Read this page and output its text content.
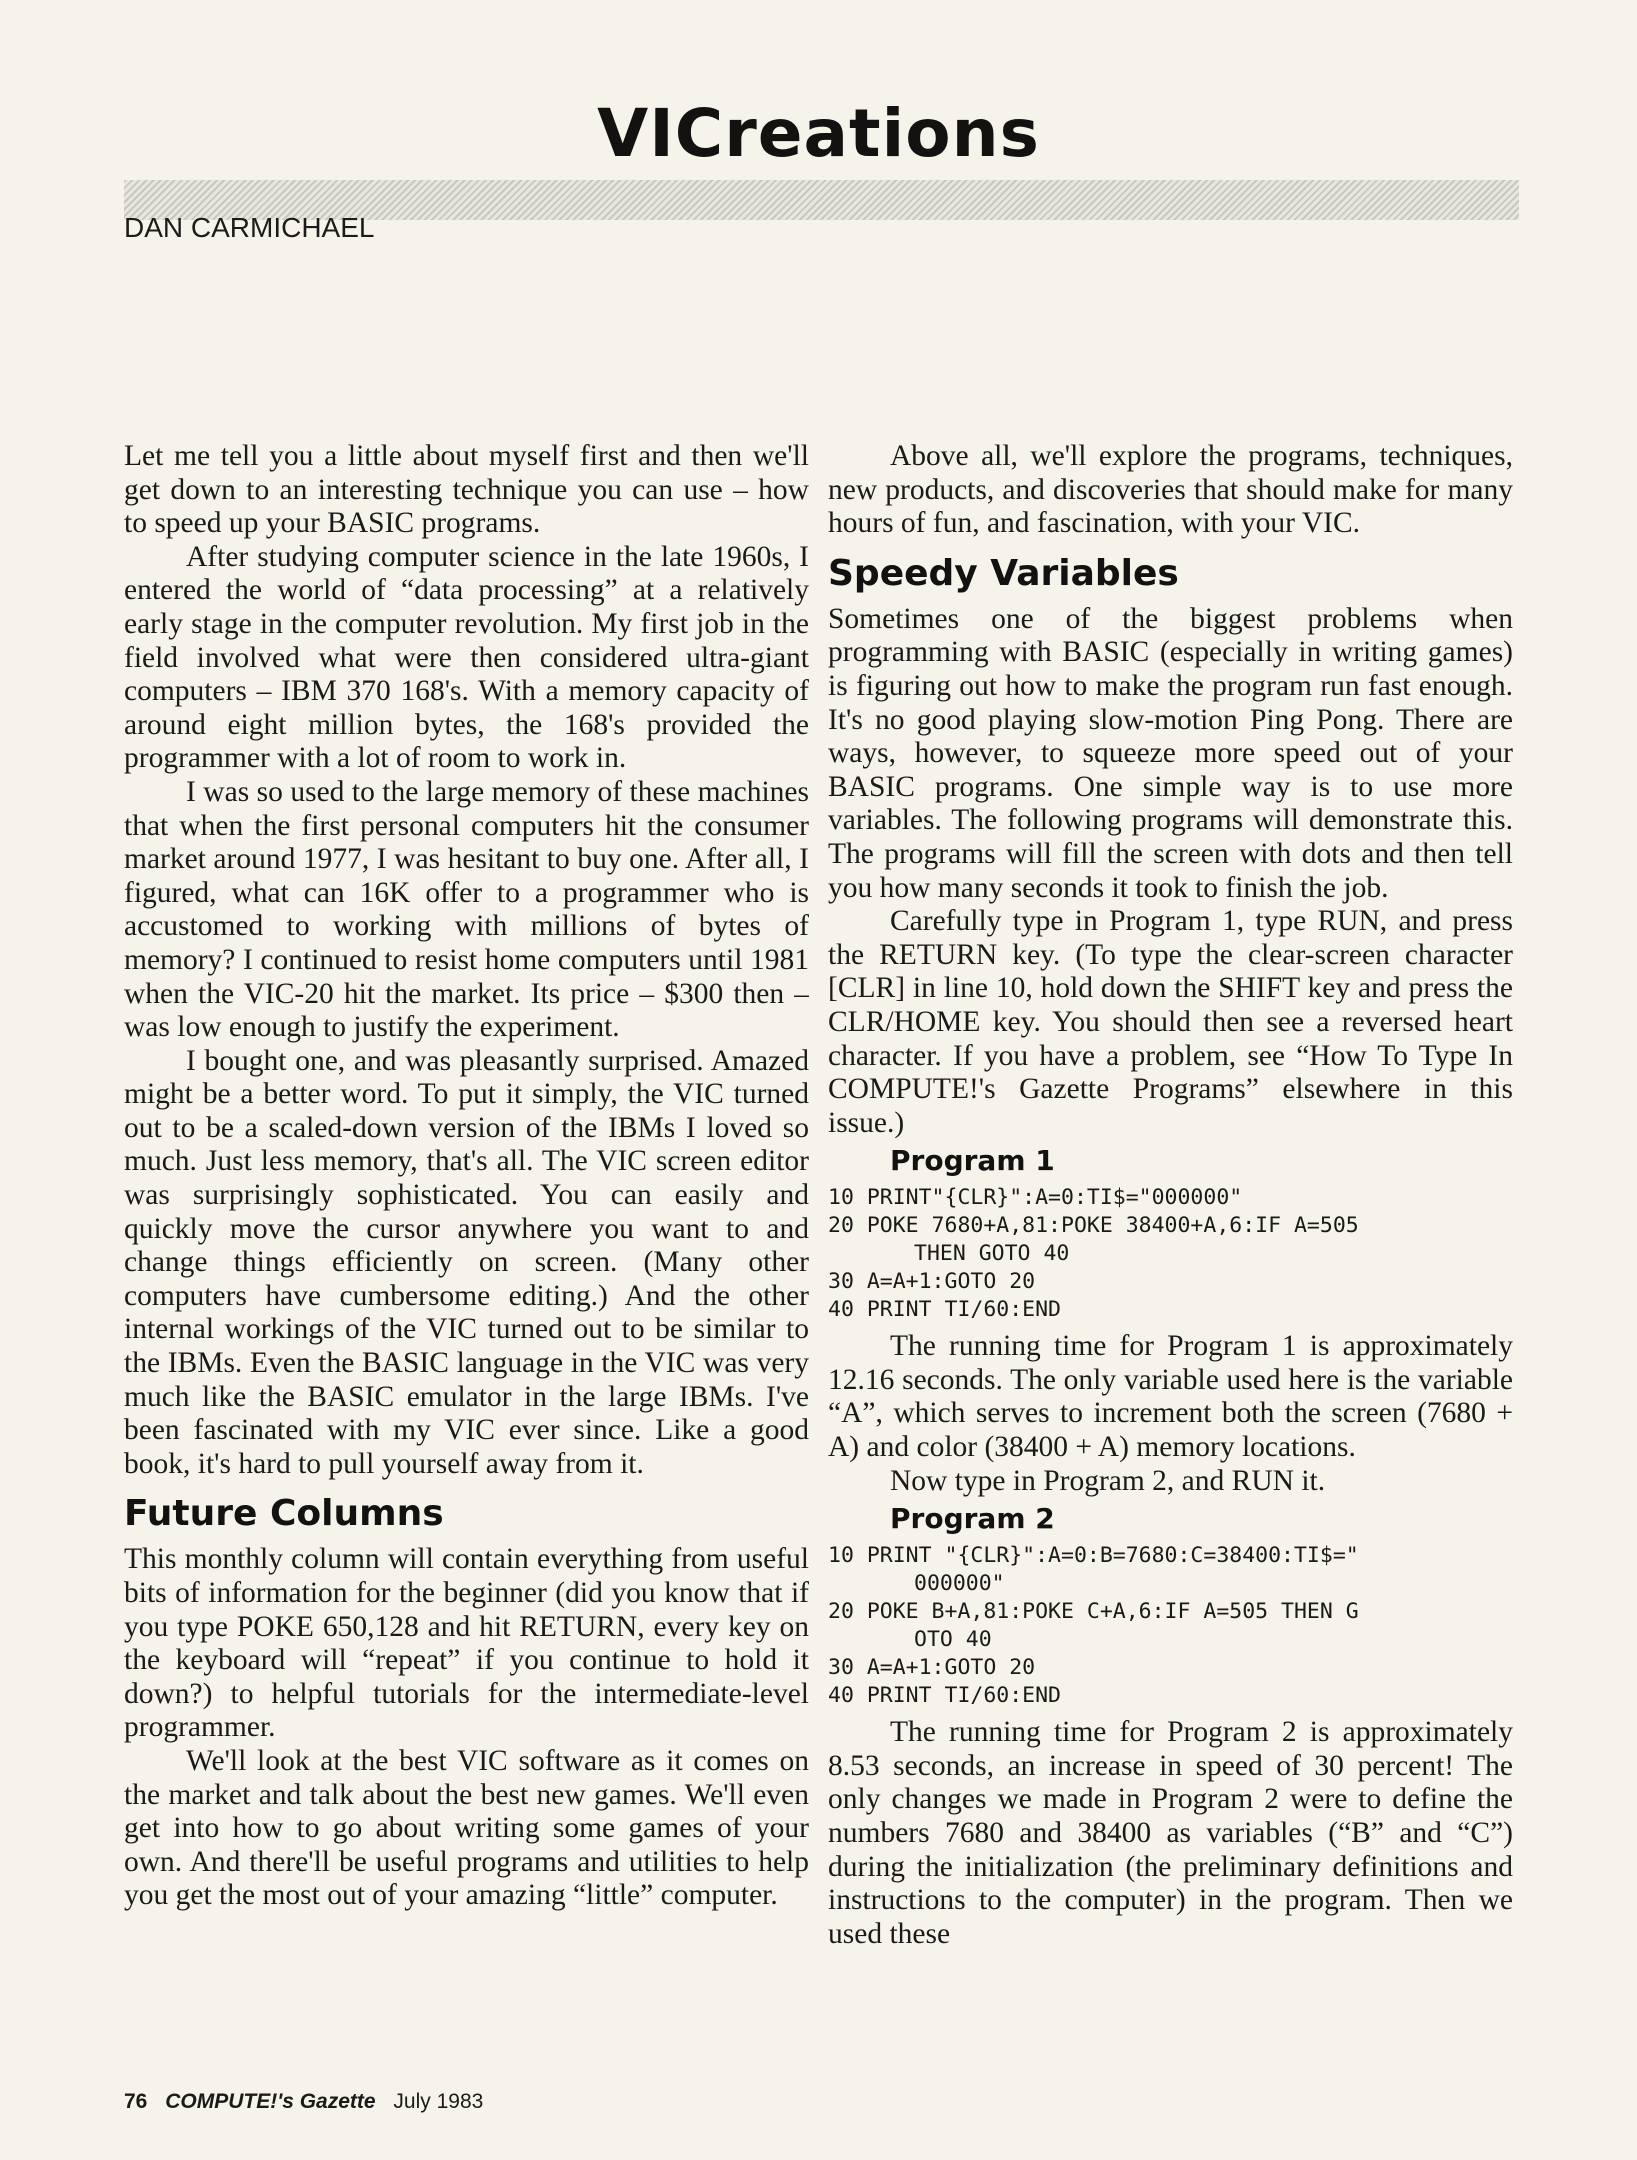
VICreations
DAN CARMICHAEL

Let me tell you a little about myself first and then we'll get down to an interesting technique you can use – how to speed up your BASIC programs.

After studying computer science in the late 1960s, I entered the world of “data processing” at a relatively early stage in the computer revolution. My first job in the field involved what were then considered ultra-giant computers – IBM 370 168's. With a memory capacity of around eight million bytes, the 168's provided the programmer with a lot of room to work in.

I was so used to the large memory of these machines that when the first personal computers hit the consumer market around 1977, I was hesitant to buy one. After all, I figured, what can 16K offer to a programmer who is accustomed to working with millions of bytes of memory? I continued to resist home computers until 1981 when the VIC-20 hit the market. Its price – $300 then – was low enough to justify the experiment.

I bought one, and was pleasantly surprised. Amazed might be a better word. To put it simply, the VIC turned out to be a scaled-down version of the IBMs I loved so much. Just less memory, that's all. The VIC screen editor was surprisingly sophisticated. You can easily and quickly move the cursor anywhere you want to and change things efficiently on screen. (Many other computers have cumbersome editing.) And the other internal workings of the VIC turned out to be similar to the IBMs. Even the BASIC language in the VIC was very much like the BASIC emulator in the large IBMs. I've been fascinated with my VIC ever since. Like a good book, it's hard to pull yourself away from it.

Future Columns

This monthly column will contain everything from useful bits of information for the beginner (did you know that if you type POKE 650,128 and hit RETURN, every key on the keyboard will “repeat” if you continue to hold it down?) to helpful tutorials for the intermediate-level programmer.

We'll look at the best VIC software as it comes on the market and talk about the best new games. We'll even get into how to go about writing some games of your own. And there'll be useful programs and utilities to help you get the most out of your amazing “little” computer.

Above all, we'll explore the programs, techniques, new products, and discoveries that should make for many hours of fun, and fascination, with your VIC.

Speedy Variables

Sometimes one of the biggest problems when programming with BASIC (especially in writing games) is figuring out how to make the program run fast enough. It's no good playing slow-motion Ping Pong. There are ways, however, to squeeze more speed out of your BASIC programs. One simple way is to use more variables. The following programs will demonstrate this. The programs will fill the screen with dots and then tell you how many seconds it took to finish the job.

Carefully type in Program 1, type RUN, and press the RETURN key. (To type the clear-screen character [CLR] in line 10, hold down the SHIFT key and press the CLR/HOME key. You should then see a reversed heart character. If you have a problem, see “How To Type In COMPUTE!'s Gazette Programs” elsewhere in this issue.)

Program 1
10 PRINT"{CLR}":A=0:TI$="000000"
20 POKE 7680+A,81:POKE 38400+A,6:IF A=505
THEN GOTO 40
30 A=A+1:GOTO 20
40 PRINT TI/60:END

The running time for Program 1 is approximately 12.16 seconds. The only variable used here is the variable “A”, which serves to increment both the screen (7680 + A) and color (38400 + A) memory locations.

Now type in Program 2, and RUN it.

Program 2
10 PRINT "{CLR}":A=0:B=7680:C=38400:TI$="
000000"
20 POKE B+A,81:POKE C+A,6:IF A=505 THEN G
OTO 40
30 A=A+1:GOTO 20
40 PRINT TI/60:END

The running time for Program 2 is approximately 8.53 seconds, an increase in speed of 30 percent! The only changes we made in Program 2 were to define the numbers 7680 and 38400 as variables (“B” and “C”) during the initialization (the preliminary definitions and instructions to the computer) in the program. Then we used these

76 COMPUTE!'s Gazette July 1983
